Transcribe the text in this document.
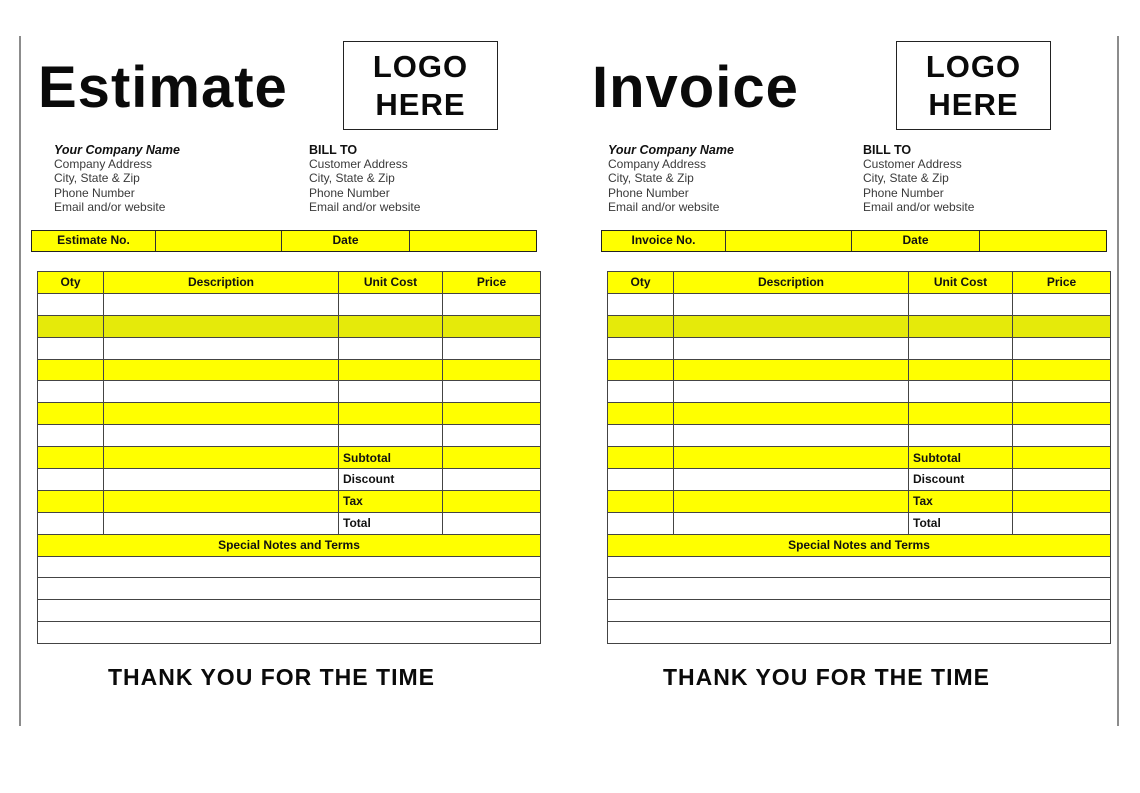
Estimate	LOGO
HERE
Your Company Name
Company Address
City, State & Zip
Phone Number
Email and/or website
BILL TO
Customer Address
City, State & Zip
Phone Number
Email and/or website
Estimate No.	Date
Oty	Description	Unit Cost	Price

		Subtotal	
		Discount	
		Tax	
		Total	
Special Notes and Terms			

THANK YOU FOR THE TIME
Invoice	LOGO
HERE
Your Company Name
Company Address
City, State & Zip
Phone Number
Email and/or website
BILL TO
Customer Address
City, State & Zip
Phone Number
Email and/or website
Invoice No.	Date
Oty	Description	Unit Cost	Price

		Subtotal	
		Discount	
		Tax	
		Total	
Special Notes and Terms			

THANK YOU FOR THE TIME
